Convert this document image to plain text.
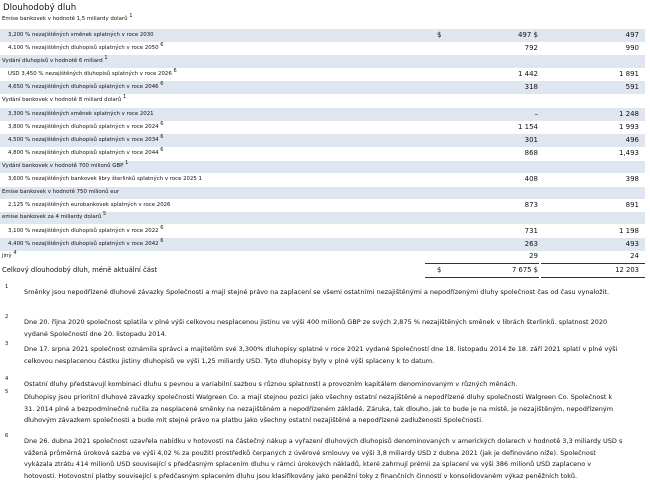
Dlouhodobý dluh
Emise bankovek v hodnotě 1,5 miliardy dolarů $^1$
3,200 % nezajištěných směnek splatných v roce 2030	$	497 $	497
4,100 % nezajištěných dluhopisů splatných v roce 2050 $^6$	792	990
Vydání dluhopisů v hodnotě 6 miliard $^1$
USD 3,450 % nezajištěných dluhopisů splatných v roce 2026 $^6$	1 442	1 891
4,650 % nezajištěných dluhopisů splatných v roce 2046 $^6$	318	591
Vydání bankovek v hodnotě 8 miliard dolarů $^1$
3,300 % nezajištěných směnek splatných v roce 2021	–	1 248
3,800 % nezajištěných dluhopisů splatných v roce 2024 $^6$	1 154	1 993
4,500 % nezajištěných dluhopisů splatných v roce 2034 $^6$	301	496
4,800 % nezajištěných dluhopisů splatných v roce 2044 $^6$	868	1,493
Vydání bankovek v hodnotě 700 milionů GBP $^1$
3,600 % nezajištěných bankovek libry šterlinků splatných v roce 2025 1	408	398
Emise bankovek v hodnotě 750 milionů eur
2,125 % nezajištěných eurobankovek splatných v roce 2026	873	891
emise bankovek za 4 miliardy dolarů $^5$
3,100 % nezajištěných dluhopisů splatných v roce 2022 $^6$	731	1 198
4,400 % nezajištěných dluhopisů splatných v roce 2042 $^6$	263	493
jiný $^4$	29	24
Celkový dlouhodobý dluh, méně aktuální část	$	7 675 $	12 203
1
Směnky jsou nepodřízené dluhové závazky Společnosti a mají stejné právo na zaplacení se všemi ostatními nezajištěnými a nepodřízenými dluhy společnost čas od času vynaložit.
2
Dne 20. října 2020 společnost splatila v plné výši celkovou nesplacenou jistinu ve výši 400 milionů GBP ze svých 2,875 % nezajištěných směnek v librách šterlinků. splatnost 2020 vydané Společností dne 20. listopadu 2014.
3
Dne 17. srpna 2021 společnost oznámila správci a majitelům své 3,300% dluhopisy splatné v roce 2021 vydané Společností dne 18. listopadu 2014 že 18. září 2021 splatí v plné výši celkovou nesplacenou částku jistiny dluhopisů ve výši 1,25 miliardy USD. Tyto dluhopisy byly v plné výši splaceny k to datum.
4
Ostatní dluhy představují kombinaci dluhu s pevnou a variabilní sazbou s různou splatností a provozním kapitálem denominovaným v různých měnách.
5
Dluhopisy jsou prioritní dluhové závazky společnosti Walgreen Co. a mají stejnou pozici jako všechny ostatní nezajištěné a nepodřízené dluhy společnosti Walgreen Co. Společnost k 31. 2014 plně a bezpodmínečně ručila za nesplacené směnky na nezajištěném a nepodřízeném základě. Záruka, tak dlouho, jak to bude je na místě, je nezajištěným, nepodřízeným dluhovým závazkem společnosti a bude mít stejné právo na platbu jako všechny ostatní nezajištěné a nepodřízené zadluženosti Společnosti.
6
Dne 26. dubna 2021 společnost uzavřela nabídku v hotovosti na částečný nákup a vyřazení dluhových dluhopisů denominovaných v amerických dolarech v hodnotě 3,3 miliardy USD s vážená průměrná úroková sazba ve výši 4,02 % za použití prostředků čerpaných z úvěrové smlouvy ve výši 3,8 miliardy USD z dubna 2021 (jak je definováno níže). Společnost vykázala ztrátu 414 milionů USD související s předčasným splacením dluhu v rámci úrokových nákladů, které zahrnují prémii za splacení ve výši 386 milionů USD zaplaceno v hotovosti. Hotovostní platby související s předčasným splacením dluhu jsou klasifikovány jako peněžní toky z finančních činností v konsolidovaném výkaz peněžních toků.
